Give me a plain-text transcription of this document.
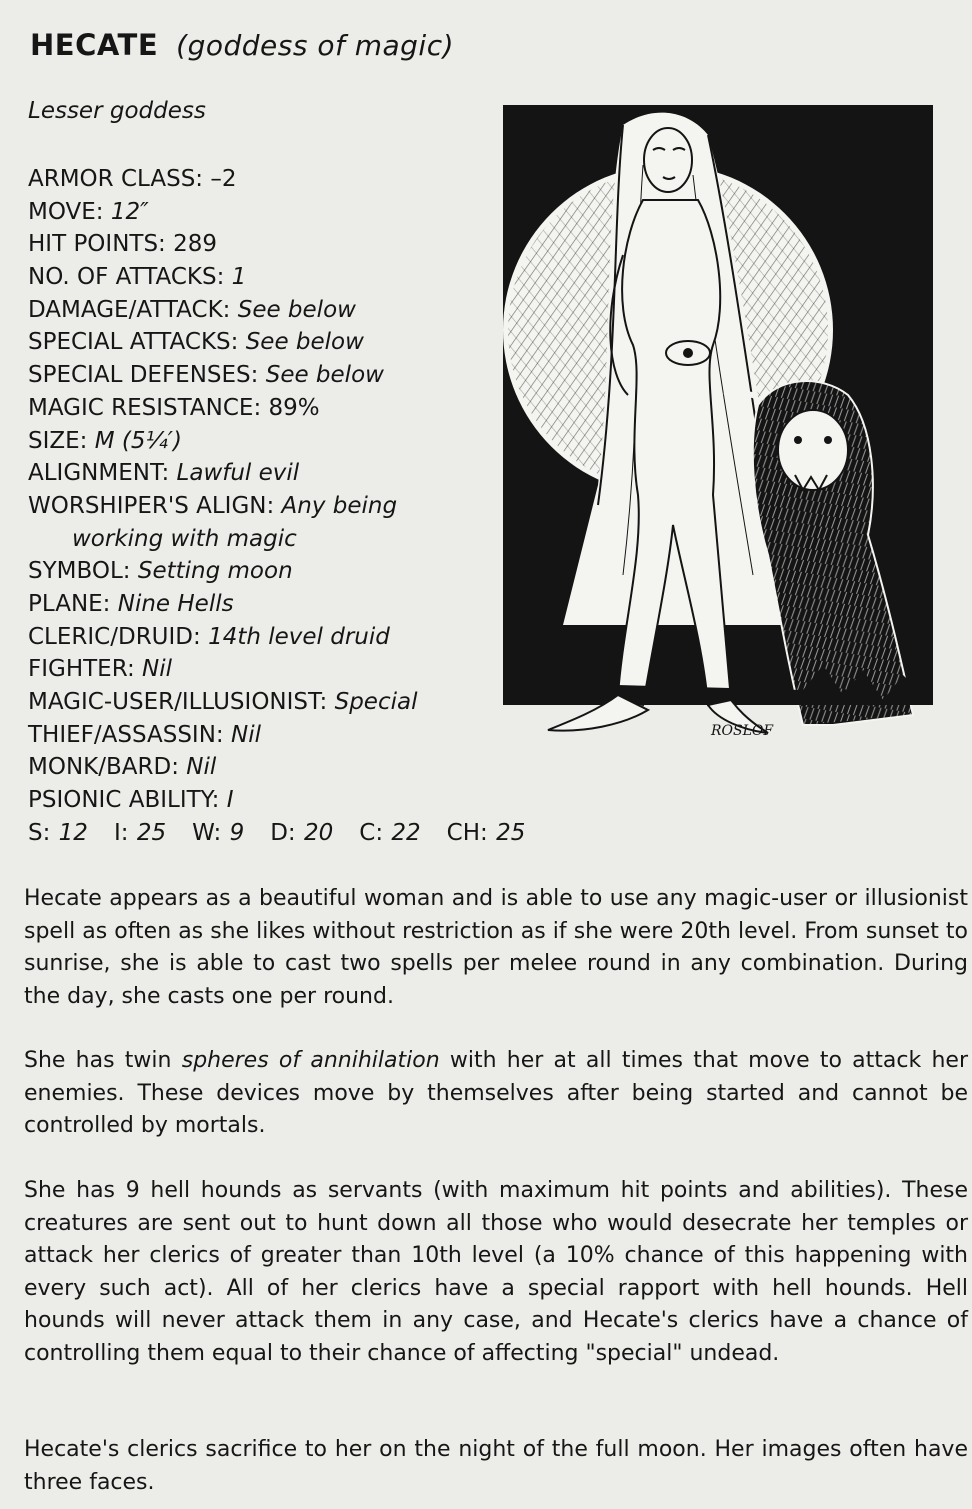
HECATE (goddess of magic)
Lesser goddess
ARMOR CLASS: –2
MOVE: 12″
HIT POINTS: 289
NO. OF ATTACKS: 1
DAMAGE/ATTACK: See below
SPECIAL ATTACKS: See below
SPECIAL DEFENSES: See below
MAGIC RESISTANCE: 89%
SIZE: M (5¼′)
ALIGNMENT: Lawful evil
WORSHIPER'S ALIGN: Any being
working with magic
SYMBOL: Setting moon
PLANE: Nine Hells
CLERIC/DRUID: 14th level druid
FIGHTER: Nil
MAGIC-USER/ILLUSIONIST: Special
THIEF/ASSASSIN: Nil
MONK/BARD: Nil
PSIONIC ABILITY: I
S: 12 I: 25 W: 9 D: 20 C: 22 CH: 25
ROSLOF

Hecate appears as a beautiful woman and is able to use any magic-user or illusionist spell as often as she likes without restriction as if she were 20th level. From sunset to sunrise, she is able to cast two spells per melee round in any combination. During the day, she casts one per round.

She has twin spheres of annihilation with her at all times that move to attack her enemies. These devices move by themselves after being started and cannot be controlled by mortals.

She has 9 hell hounds as servants (with maximum hit points and abilities). These creatures are sent out to hunt down all those who would desecrate her temples or attack her clerics of greater than 10th level (a 10% chance of this happening with every such act). All of her clerics have a special rapport with hell hounds. Hell hounds will never attack them in any case, and Hecate's clerics have a chance of controlling them equal to their chance of affecting "special" undead.

Hecate's clerics sacrifice to her on the night of the full moon. Her images often have three faces.
